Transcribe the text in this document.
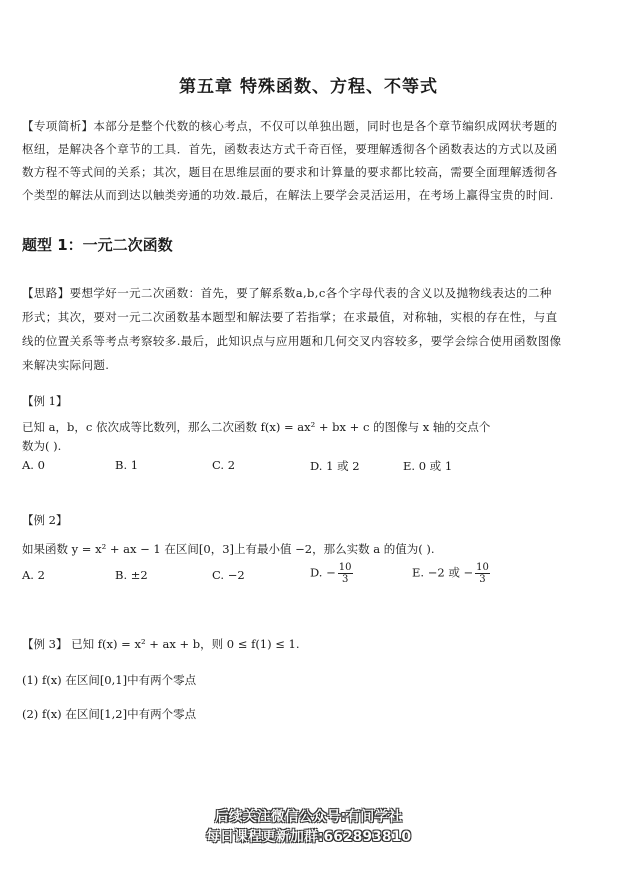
第五章 特殊函数、方程、不等式
【专项简析】本部分是整个代数的核心考点，不仅可以单独出题，同时也是各个章节编织成网状考题的
枢纽，是解决各个章节的工具．首先，函数表达方式千奇百怪，要理解透彻各个函数表达的方式以及函
数方程不等式间的关系；其次，题目在思维层面的要求和计算量的要求都比较高，需要全面理解透彻各
个类型的解法从而到达以触类旁通的功效.最后，在解法上要学会灵活运用，在考场上赢得宝贵的时间.
题型 1：一元二次函数
【思路】要想学好一元二次函数：首先，要了解系数a,b,c各个字母代表的含义以及抛物线表达的二种
形式；其次，要对一元二次函数基本题型和解法要了若指掌；在求最值，对称轴，实根的存在性，与直
线的位置关系等考点考察较多.最后，此知识点与应用题和几何交叉内容较多，要学会综合使用函数图像
来解决实际问题.
【例 1】
已知 a，b，c 依次成等比数列，那么二次函数 f(x) = ax² + bx + c 的图像与 x 轴的交点个
数为( ).
A. 0	B. 1	C. 2	D. 1 或 2	E. 0 或 1
【例 2】
如果函数 y = x² + ax − 1 在区间[0，3]上有最小值 −2，那么实数 a 的值为( ).
A. 2	B. ±2	C. −2	D. − $\frac{10}{3}$	E. −2 或 − $\frac{10}{3}$
【例 3】 已知 f(x) = x² + ax + b，则 0 ≤ f(1) ≤ 1.
(1) f(x) 在区间[0,1]中有两个零点
(2) f(x) 在区间[1,2]中有两个零点
后续关注微信公众号:有间学社
每日课程更新加群:662893810
